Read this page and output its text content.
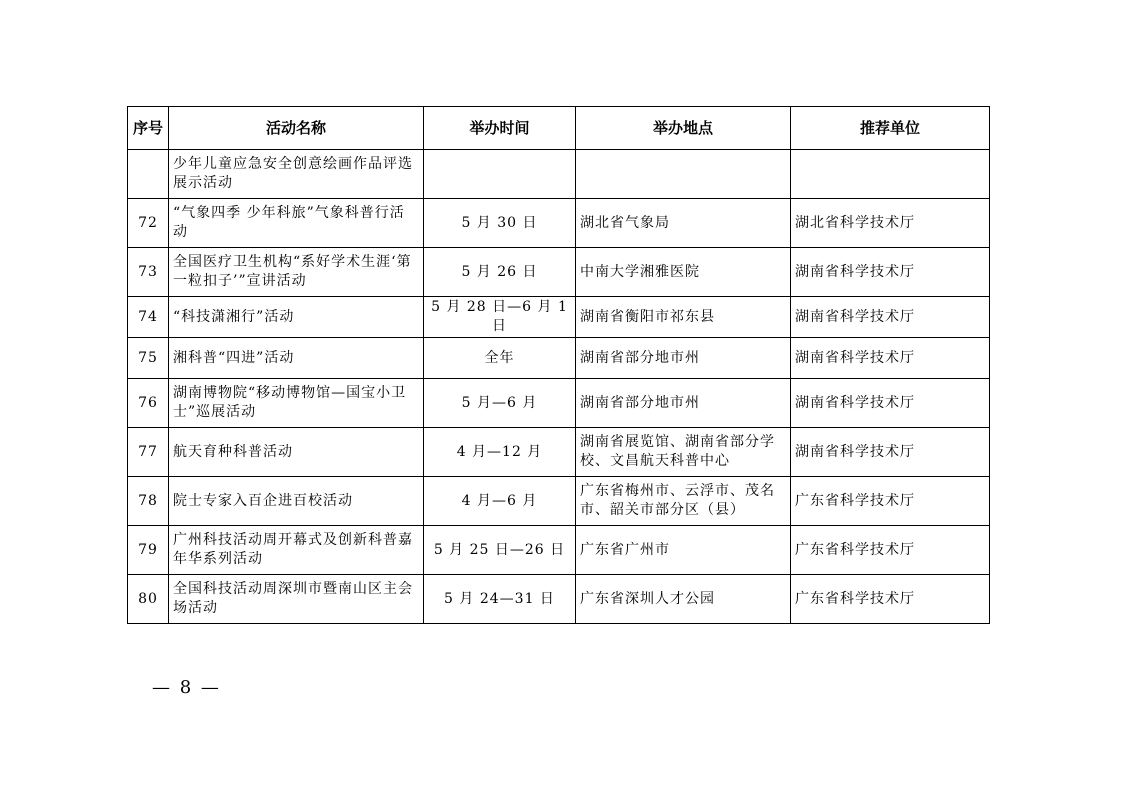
序号	活动名称	举办时间	举办地点	推荐单位
	少年儿童应急安全创意绘画作品评选展示活动			
72	“气象四季 少年科旅”气象科普行活动	5 月 30 日	湖北省气象局	湖北省科学技术厅
73	全国医疗卫生机构“系好学术生涯‘第一粒扣子’”宣讲活动	5 月 26 日	中南大学湘雅医院	湖南省科学技术厅
74	“科技潇湘行”活动	5 月 28 日—6 月 1 日	湖南省衡阳市祁东县	湖南省科学技术厅
75	湘科普“四进”活动	全年	湖南省部分地市州	湖南省科学技术厅
76	湖南博物院“移动博物馆—国宝小卫士”巡展活动	5 月—6 月	湖南省部分地市州	湖南省科学技术厅
77	航天育种科普活动	4 月—12 月	湖南省展览馆、湖南省部分学校、文昌航天科普中心	湖南省科学技术厅
78	院士专家入百企进百校活动	4 月—6 月	广东省梅州市、云浮市、茂名市、韶关市部分区（县）	广东省科学技术厅
79	广州科技活动周开幕式及创新科普嘉年华系列活动	5 月 25 日—26 日	广东省广州市	广东省科学技术厅
80	全国科技活动周深圳市暨南山区主会场活动	5 月 24—31 日	广东省深圳人才公园	广东省科学技术厅
— 8 —
